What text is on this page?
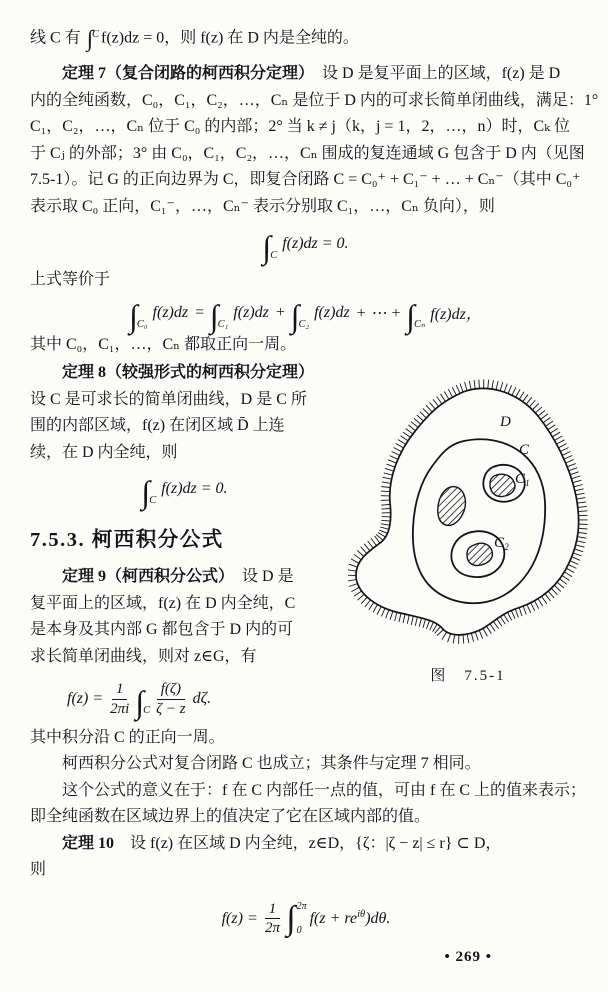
线 C 有 ∫ C f(z)dz = 0，则 f(z) 在 D 内是全纯的。
定理 7（复合闭路的柯西积分定理）　 设 D 是复平面上的区域，f(z) 是 D
内的全纯函数，C₀，C₁，C₂，…，Cₙ 是位于 D 内的可求长简单闭曲线，满足：1°
C₁，C₂，…，Cₙ 位于 C₀ 的内部；2° 当 k ≠ j（k，j = 1，2，…，n）时，Cₖ 位
于 Cⱼ 的外部；3° 由 C₀，C₁，C₂，…，Cₙ 围成的复连通域 G 包含于 D 内（见图
7.5-1）。记 G 的正向边界为 C，即复合闭路 C = C₀⁺ + C₁⁻ + … + Cₙ⁻（其中 C₀⁺
表示取 C₀ 正向，C₁⁻，…，Cₙ⁻ 表示分别取 C₁，…，Cₙ 负向），则
∫ C
f(z)dz = 0.
上式等价于
∫ C₀
f(z)dz = ∫ C₁
f(z)dz + ∫ C₂
f(z)dz + ⋯ + ∫ Cₙ
f(z)dz，
其中 C₀，C₁，…，Cₙ 都取正向一周。
定理 8（较强形式的柯西积分定理）
设 C 是可求长的简单闭曲线，D 是 C 所
围的内部区域，f(z) 在闭区域 D̄ 上连
续，在 D 内全纯，则
∫ C
f(z)dz = 0.
7.5.3. 柯西积分公式
定理 9（柯西积分公式）　 设 D 是
复平面上的区域，f(z) 在 D 内全纯，C
是本身及其内部 G 都包含于 D 内的可
求长简单闭曲线，则对 z∈G，有
$f(z) = \frac{1}{2\pi i}$ ∫ C $\frac{f(\zeta)}{\zeta - z} d\zeta$.
D
C
$C_1$
$C_2$
图　7.5-1
其中积分沿 C 的正向一周。
柯西积分公式对复合闭路 C 也成立；其条件与定理 7 相同。
这个公式的意义在于：f 在 C 内部任一点的值，可由 f 在 C 上的值来表示；
即全纯函数在区域边界上的值决定了它在区域内部的值。
定理 10　 设 f(z) 在区域 D 内全纯，z∈D，{ζ：|ζ − z| ≤ r} ⊂ D，
则
$f(z) = \frac{1}{2\pi}$ ∫ 2π
0
$f(z + re^{i\theta})d\theta$.
• 269 •
